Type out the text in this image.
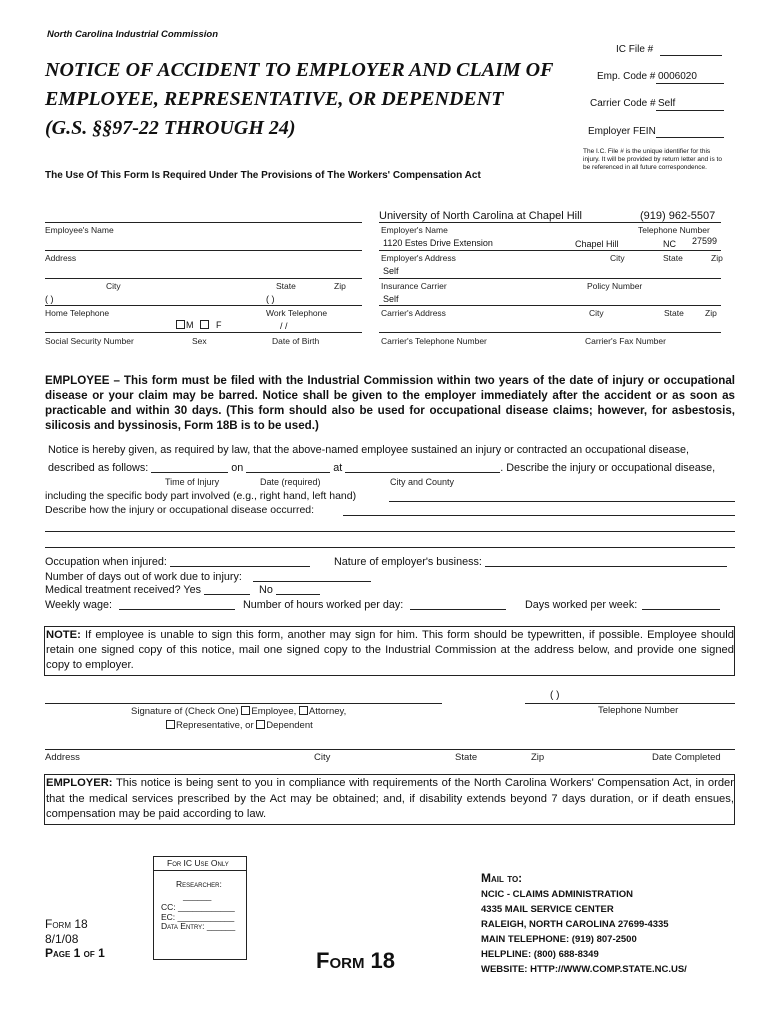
North Carolina Industrial Commission
NOTICE OF ACCIDENT TO EMPLOYER AND CLAIM OF
EMPLOYEE, REPRESENTATIVE, OR DEPENDENT
(G.S. §§97-22 THROUGH 24)
The Use Of This Form Is Required Under The Provisions of The Workers' Compensation Act
IC File #
Emp. Code # 0006020
Carrier Code # Self
Employer FEIN
The I.C. File # is the unique identifier for this injury. It will be provided by return letter and is to be referenced in all future correspondence.
Employee's Name
Address
City	State	Zip
( )	( )
Home Telephone	Work Telephone
M	F	/ /
Social Security Number	Sex	Date of Birth
University of North Carolina at Chapel Hill	(919) 962-5507
Employer's Name	Telephone Number
1120 Estes Drive Extension	Chapel Hill	NC 27599
Employer's Address	City	State	Zip
Self
Insurance Carrier	Policy Number
Self
Carrier's Address	City	State Zip
Carrier's Telephone Number	Carrier's Fax Number
EMPLOYEE – This form must be filed with the Industrial Commission within two years of the date of injury or occupational disease or your claim may be barred. Notice shall be given to the employer immediately after the accident or as soon as practicable and within 30 days. (This form should also be used for occupational disease claims; however, for asbestosis, silicosis and byssinosis, Form 18B is to be used.)
Notice is hereby given, as required by law, that the above-named employee sustained an injury or contracted an occupational disease,
described as follows:	on	at	. Describe the injury or occupational disease,
Time of Injury	Date (required)	City and County
including the specific body part involved (e.g., right hand, left hand)
Describe how the injury or occupational disease occurred:
Occupation when injured:	Nature of employer's business:
Number of days out of work due to injury:
Medical treatment received? Yes	No
Weekly wage:	Number of hours worked per day:	Days worked per week:
NOTE: If employee is unable to sign this form, another may sign for him. This form should be typewritten, if possible. Employee should retain one signed copy of this notice, mail one signed copy to the Industrial Commission at the address below, and provide one signed copy to employer.
( )
Signature of (Check One) Employee, Attorney,
Representative, or Dependent
Telephone Number
Address	City	State	Zip	Date Completed
EMPLOYER: This notice is being sent to you in compliance with requirements of the North Carolina Workers' Compensation Act, in order that the medical services prescribed by the Act may be obtained; and, if disability extends beyond 7 days duration, or if death ensues, compensation may be paid according to law.
For IC Use Only
Researcher:
______
CC: ____________
EC: ____________
Data Entry: ______
Form 18
8/1/08
Page 1 of 1	Form 18
Mail to:
NCIC - CLAIMS ADMINISTRATION
4335 MAIL SERVICE CENTER
RALEIGH, NORTH CAROLINA 27699-4335
MAIN TELEPHONE: (919) 807-2500
HELPLINE: (800) 688-8349
WEBSITE: HTTP://WWW.COMP.STATE.NC.US/
